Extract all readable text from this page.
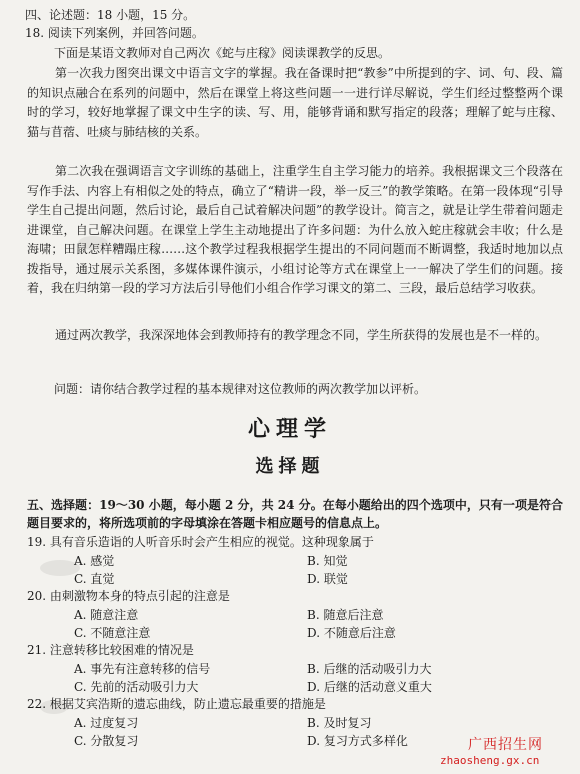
四、论述题：18 小题，15 分。
18. 阅读下列案例，并回答问题。
下面是某语文教师对自己两次《蛇与庄稼》阅读课教学的反思。
第一次我力图突出课文中语言文字的掌握。我在备课时把“教参”中所提到的字、词、句、段、篇的知识点融合在系列的问题中，然后在课堂上将这些问题一一进行详尽解说，学生们经过整整两个课时的学习，较好地掌握了课文中生字的读、写、用，能够背诵和默写指定的段落；理解了蛇与庄稼、猫与苜蓿、吐痰与肺结核的关系。
第二次我在强调语言文字训练的基础上，注重学生自主学习能力的培养。我根据课文三个段落在写作手法、内容上有相似之处的特点，确立了“精讲一段，举一反三”的教学策略。在第一段体现“引导学生自己提出问题，然后讨论，最后自己试着解决问题”的教学设计。简言之，就是让学生带着问题走进课堂，自己解决问题。在课堂上学生主动地提出了许多问题：为什么放入蛇庄稼就会丰收；什么是海啸；田鼠怎样糟蹋庄稼……这个教学过程我根据学生提出的不同问题而不断调整，我适时地加以点拨指导，通过展示关系图，多媒体课件演示，小组讨论等方式在课堂上一一解决了学生们的问题。接着，我在归纳第一段的学习方法后引导他们小组合作学习课文的第二、三段，最后总结学习收获。
通过两次教学，我深深地体会到教师持有的教学理念不同，学生所获得的发展也是不一样的。
问题：请你结合教学过程的基本规律对这位教师的两次教学加以评析。
心理学
选择题
五、选择题：19～30 小题，每小题 2 分，共 24 分。在每小题给出的四个选项中，只有一项是符合题目要求的，将所选项前的字母填涂在答题卡相应题号的信息点上。
19. 具有音乐造诣的人听音乐时会产生相应的视觉。这种现象属于
A. 感觉	B. 知觉
C. 直觉	D. 联觉
20. 由刺激物本身的特点引起的注意是
A. 随意注意	B. 随意后注意
C. 不随意注意	D. 不随意后注意
21. 注意转移比较困难的情况是
A. 事先有注意转移的信号	B. 后继的活动吸引力大
C. 先前的活动吸引力大	D. 后继的活动意义重大
22. 根据艾宾浩斯的遗忘曲线，防止遗忘最重要的措施是
A. 过度复习	B. 及时复习
C. 分散复习	D. 复习方式多样化	广西招生网
zhaosheng.gx.cn
